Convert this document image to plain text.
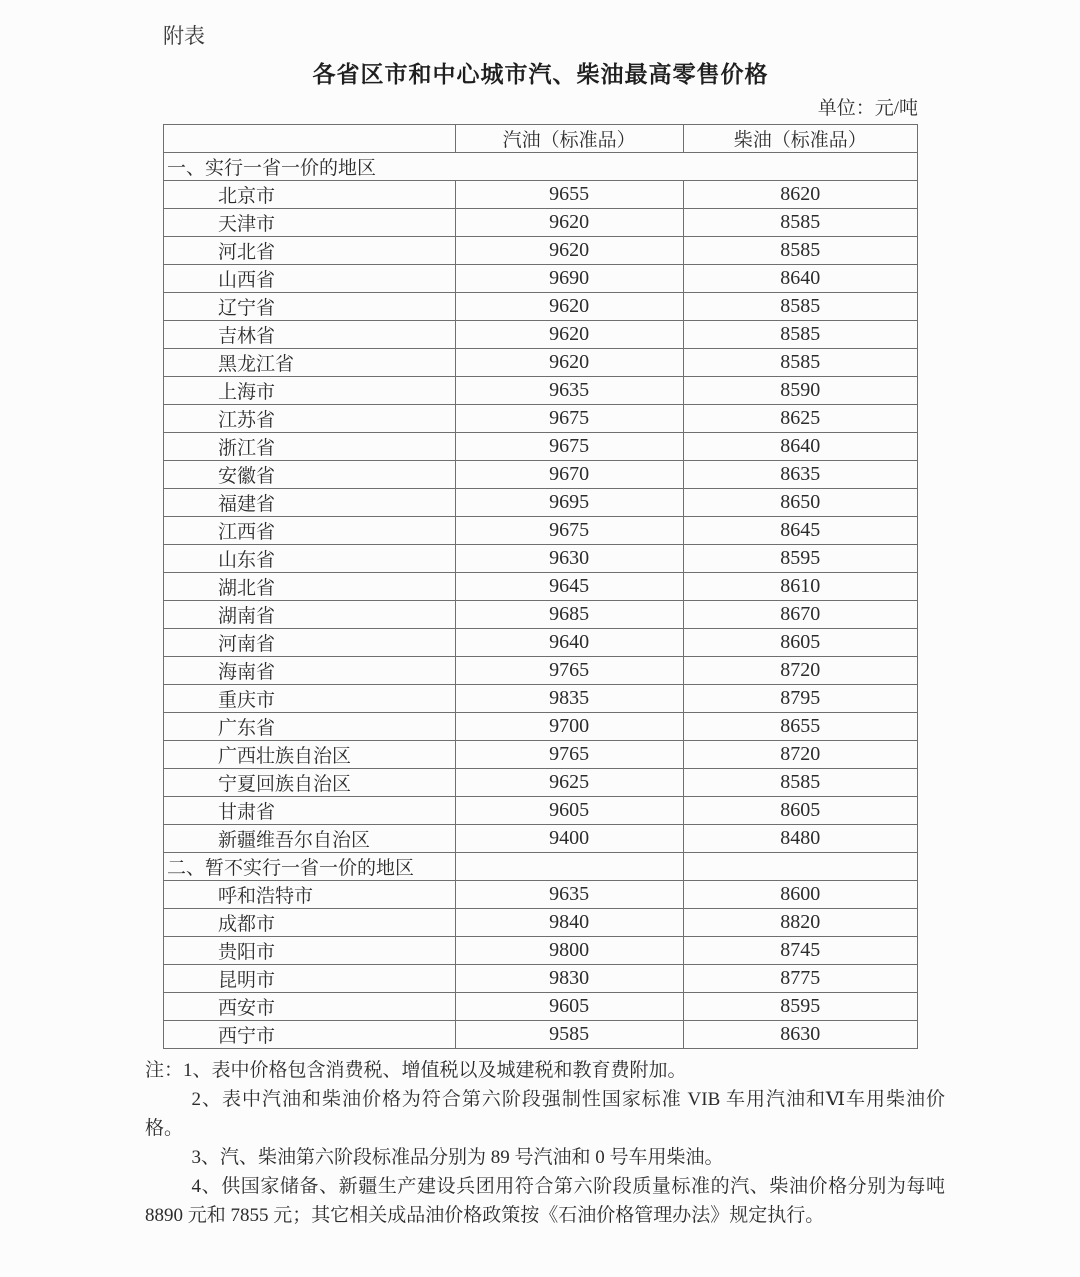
附表
各省区市和中心城市汽、柴油最高零售价格
单位：元/吨
	汽油（标准品）	柴油（标准品）
一、实行一省一价的地区		
北京市	9655	8620
天津市	9620	8585
河北省	9620	8585
山西省	9690	8640
辽宁省	9620	8585
吉林省	9620	8585
黑龙江省	9620	8585
上海市	9635	8590
江苏省	9675	8625
浙江省	9675	8640
安徽省	9670	8635
福建省	9695	8650
江西省	9675	8645
山东省	9630	8595
湖北省	9645	8610
湖南省	9685	8670
河南省	9640	8605
海南省	9765	8720
重庆市	9835	8795
广东省	9700	8655
广西壮族自治区	9765	8720
宁夏回族自治区	9625	8585
甘肃省	9605	8605
新疆维吾尔自治区	9400	8480
二、暂不实行一省一价的地区		
呼和浩特市	9635	8600
成都市	9840	8820
贵阳市	9800	8745
昆明市	9830	8775
西安市	9605	8595
西宁市	9585	8630

注：1、表中价格包含消费税、增值税以及城建税和教育费附加。

2、表中汽油和柴油价格为符合第六阶段强制性国家标准 VIB 车用汽油和Ⅵ车用柴油价格。

3、汽、柴油第六阶段标准品分别为 89 号汽油和 0 号车用柴油。

4、供国家储备、新疆生产建设兵团用符合第六阶段质量标准的汽、柴油价格分别为每吨 8890 元和 7855 元；其它相关成品油价格政策按《石油价格管理办法》规定执行。
